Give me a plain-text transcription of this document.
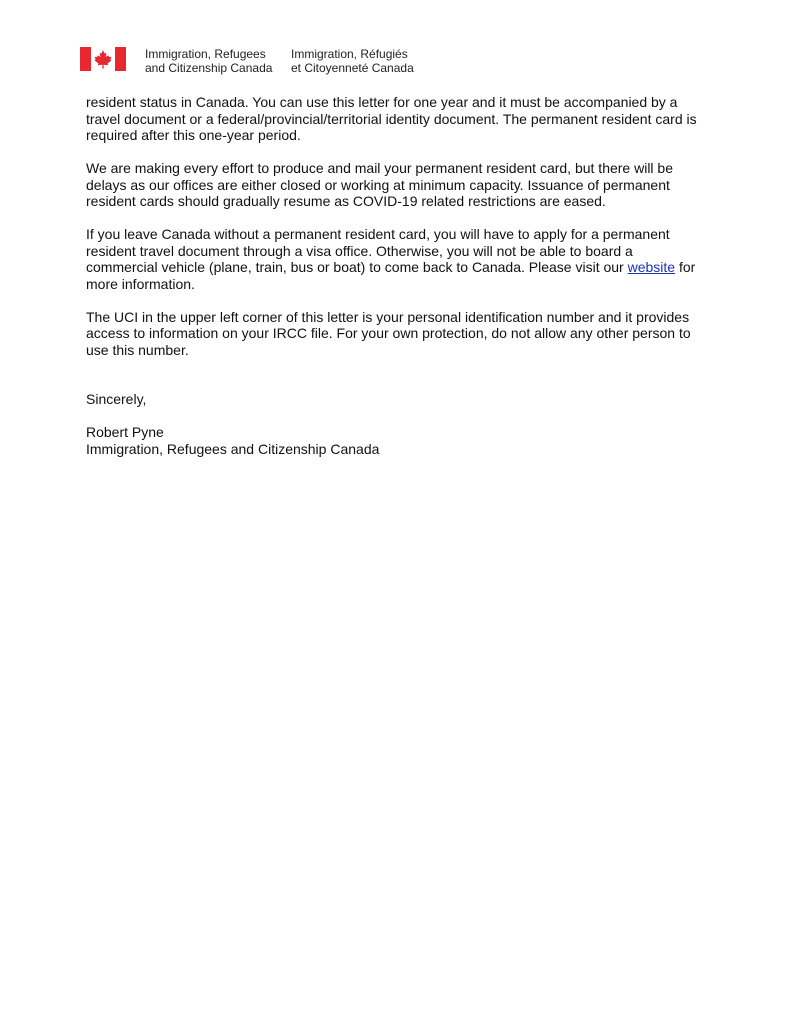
Immigration, Refugees
and Citizenship Canada
Immigration, Réfugiés
et Citoyenneté Canada

resident status in Canada. You can use this letter for one year and it must be accompanied by a travel document or a federal/provincial/territorial identity document. The permanent resident card is required after this one-year period.

We are making every effort to produce and mail your permanent resident card, but there will be delays as our offices are either closed or working at minimum capacity. Issuance of permanent resident cards should gradually resume as COVID-19 related restrictions are eased.

If you leave Canada without a permanent resident card, you will have to apply for a permanent resident travel document through a visa office. Otherwise, you will not be able to board a commercial vehicle (plane, train, bus or boat) to come back to Canada. Please visit our website for more information.

The UCI in the upper left corner of this letter is your personal identification number and it provides access to information on your IRCC file. For your own protection, do not allow any other person to use this number.

Sincerely,

Robert Pyne
Immigration, Refugees and Citizenship Canada
